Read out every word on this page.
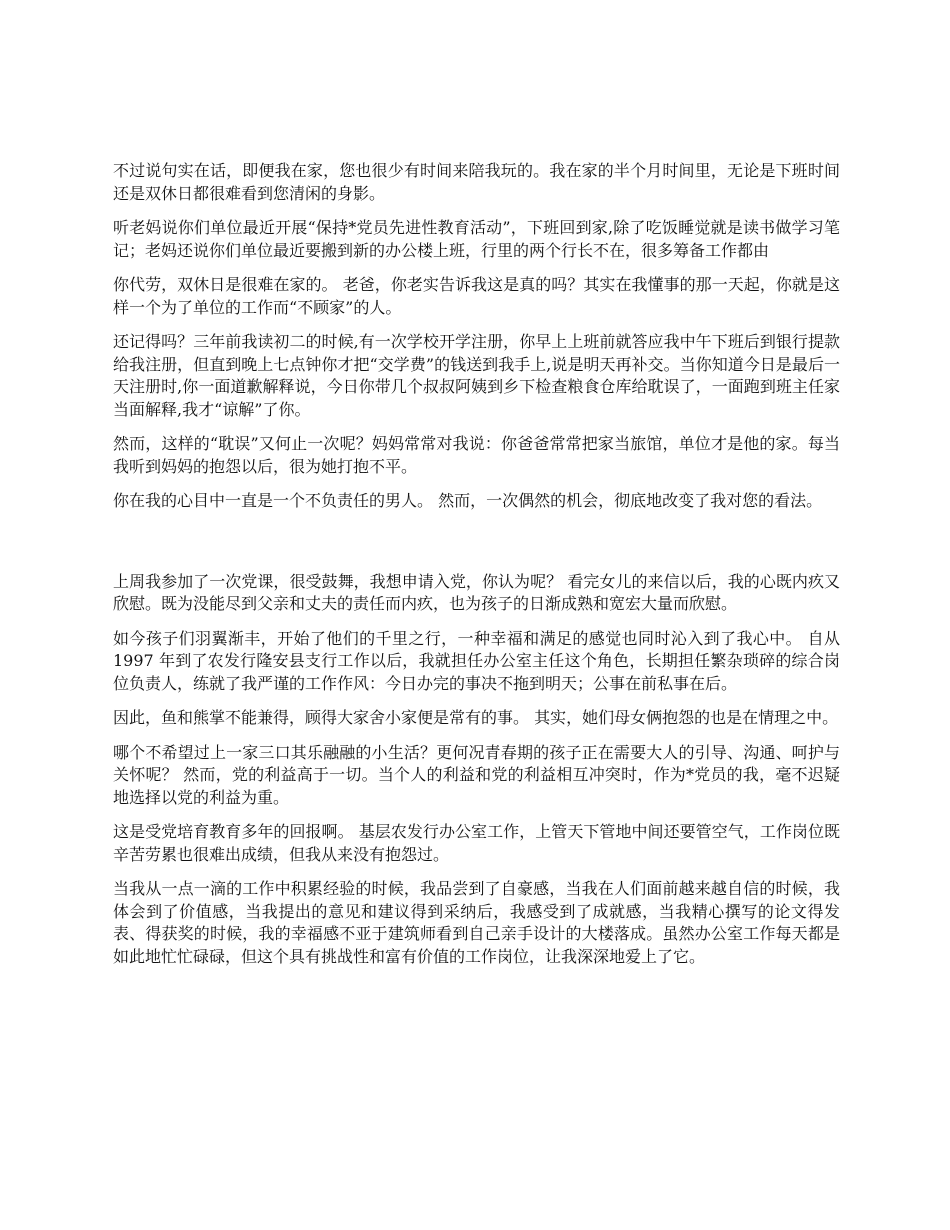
不过说句实在话，即便我在家，您也很少有时间来陪我玩的。我在家的半个月时间里，无论是下班时间还是双休日都很难看到您清闲的身影。

听老妈说你们单位最近开展“保持*党员先进性教育活动”，下班回到家,除了吃饭睡觉就是读书做学习笔记；老妈还说你们单位最近要搬到新的办公楼上班，行里的两个行长不在，很多筹备工作都由

你代劳，双休日是很难在家的。 老爸，你老实告诉我这是真的吗？其实在我懂事的那一天起，你就是这样一个为了单位的工作而“不顾家”的人。

还记得吗？三年前我读初二的时候,有一次学校开学注册，你早上上班前就答应我中午下班后到银行提款给我注册，但直到晚上七点钟你才把“交学费”的钱送到我手上,说是明天再补交。当你知道今日是最后一天注册时,你一面道歉解释说，今日你带几个叔叔阿姨到乡下检查粮食仓库给耽误了，一面跑到班主任家当面解释,我才“谅解”了你。

然而，这样的“耽误”又何止一次呢？妈妈常常对我说：你爸爸常常把家当旅馆，单位才是他的家。每当我听到妈妈的抱怨以后，很为她打抱不平。

你在我的心目中一直是一个不负责任的男人。 然而，一次偶然的机会，彻底地改变了我对您的看法。

上周我参加了一次党课，很受鼓舞，我想申请入党，你认为呢？ 看完女儿的来信以后，我的心既内疚又欣慰。既为没能尽到父亲和丈夫的责任而内疚，也为孩子的日渐成熟和宽宏大量而欣慰。

如今孩子们羽翼渐丰，开始了他们的千里之行，一种幸福和满足的感觉也同时沁入到了我心中。 自从 1997 年到了农发行隆安县支行工作以后，我就担任办公室主任这个角色，长期担任繁杂琐碎的综合岗位负责人，练就了我严谨的工作作风：今日办完的事决不拖到明天；公事在前私事在后。

因此，鱼和熊掌不能兼得，顾得大家舍小家便是常有的事。 其实，她们母女俩抱怨的也是在情理之中。

哪个不希望过上一家三口其乐融融的小生活？更何况青春期的孩子正在需要大人的引导、沟通、呵护与关怀呢？ 然而，党的利益高于一切。当个人的利益和党的利益相互冲突时，作为*党员的我，毫不迟疑地选择以党的利益为重。

这是受党培育教育多年的回报啊。 基层农发行办公室工作，上管天下管地中间还要管空气，工作岗位既辛苦劳累也很难出成绩，但我从来没有抱怨过。

当我从一点一滴的工作中积累经验的时候，我品尝到了自豪感，当我在人们面前越来越自信的时候，我体会到了价值感，当我提出的意见和建议得到采纳后，我感受到了成就感，当我精心撰写的论文得发表、得获奖的时候，我的幸福感不亚于建筑师看到自己亲手设计的大楼落成。虽然办公室工作每天都是如此地忙忙碌碌，但这个具有挑战性和富有价值的工作岗位，让我深深地爱上了它。
